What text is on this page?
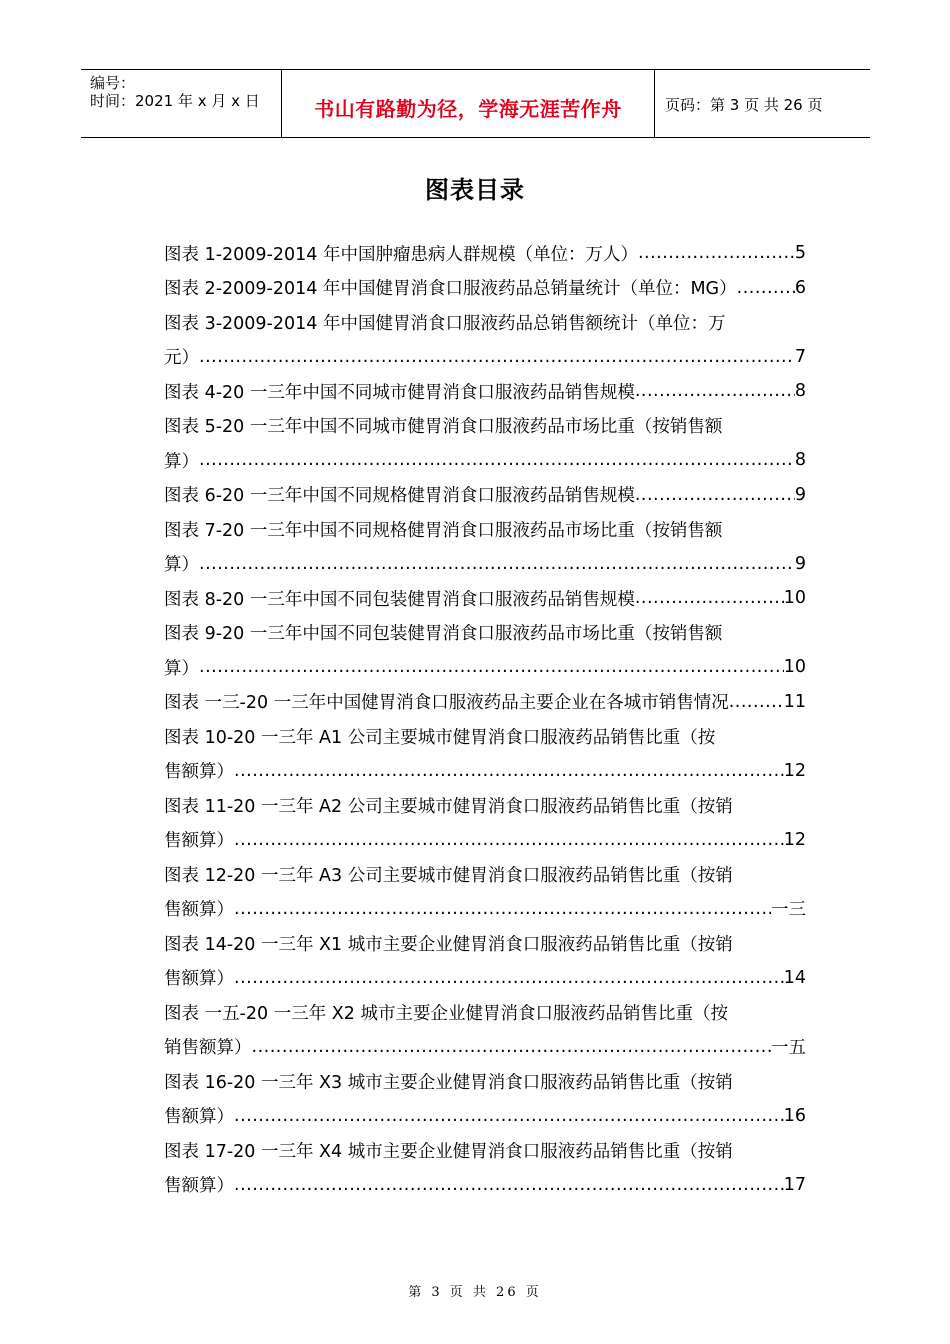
编号：
时间：2021 年 x 月 x 日	书山有路勤为径，学海无涯苦作舟	页码：第 3 页 共 26 页
图表目录
图表 1-2009-2014 年中国肿瘤患病人群规模（单位：万人） .....	5
图表 2-2009-2014 年中国健胃消食口服液药品总销量统计（单位：MG） .....	6
图表 3-2009-2014 年中国健胃消食口服液药品总销售额统计（单位：万
元） .....	7
图表 4-20 一三年中国不同城市健胃消食口服液药品销售规模 .....	8
图表 5-20 一三年中国不同城市健胃消食口服液药品市场比重（按销售额
算） .....	8
图表 6-20 一三年中国不同规格健胃消食口服液药品销售规模 .....	9
图表 7-20 一三年中国不同规格健胃消食口服液药品市场比重（按销售额
算） .....	9
图表 8-20 一三年中国不同包装健胃消食口服液药品销售规模 .....	10
图表 9-20 一三年中国不同包装健胃消食口服液药品市场比重（按销售额
算） .....	10
图表 一三-20 一三年中国健胃消食口服液药品主要企业在各城市销售情况 .....	11
图表 10-20 一三年 A1 公司主要城市健胃消食口服液药品销售比重（按
售额算） .....	12
图表 11-20 一三年 A2 公司主要城市健胃消食口服液药品销售比重（按销
售额算） .....	12
图表 12-20 一三年 A3 公司主要城市健胃消食口服液药品销售比重（按销
售额算） .....	一三
图表 14-20 一三年 X1 城市主要企业健胃消食口服液药品销售比重（按销
售额算） .....	14
图表 一五-20 一三年 X2 城市主要企业健胃消食口服液药品销售比重（按
销售额算） .....	一五
图表 16-20 一三年 X3 城市主要企业健胃消食口服液药品销售比重（按销
售额算） .....	16
图表 17-20 一三年 X4 城市主要企业健胃消食口服液药品销售比重（按销
售额算） .....	17
第 3 页 共 26 页
